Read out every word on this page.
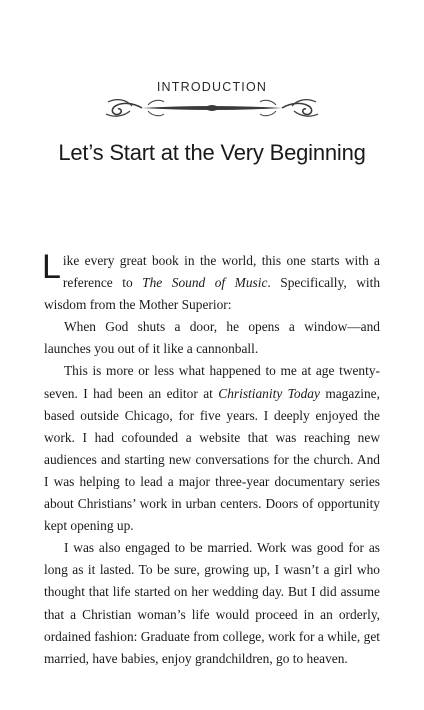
INTRODUCTION
Let’s Start at the Very Beginning

Like every great book in the world, this one starts with a reference to The Sound of Music. Specifically, with wisdom from the Mother Superior:

When God shuts a door, he opens a window—and launches you out of it like a cannonball.

This is more or less what happened to me at age twenty-seven. I had been an editor at Christianity Today magazine, based outside Chicago, for five years. I deeply enjoyed the work. I had cofounded a website that was reaching new audiences and starting new conversations for the church. And I was helping to lead a major three-year documentary series about Christians’ work in urban centers. Doors of opportunity kept opening up.

I was also engaged to be married. Work was good for as long as it lasted. To be sure, growing up, I wasn’t a girl who thought that life started on her wedding day. But I did assume that a Christian woman’s life would proceed in an orderly, ordained fashion: Graduate from college, work for a while, get married, have babies, enjoy grandchildren, go to heaven.
